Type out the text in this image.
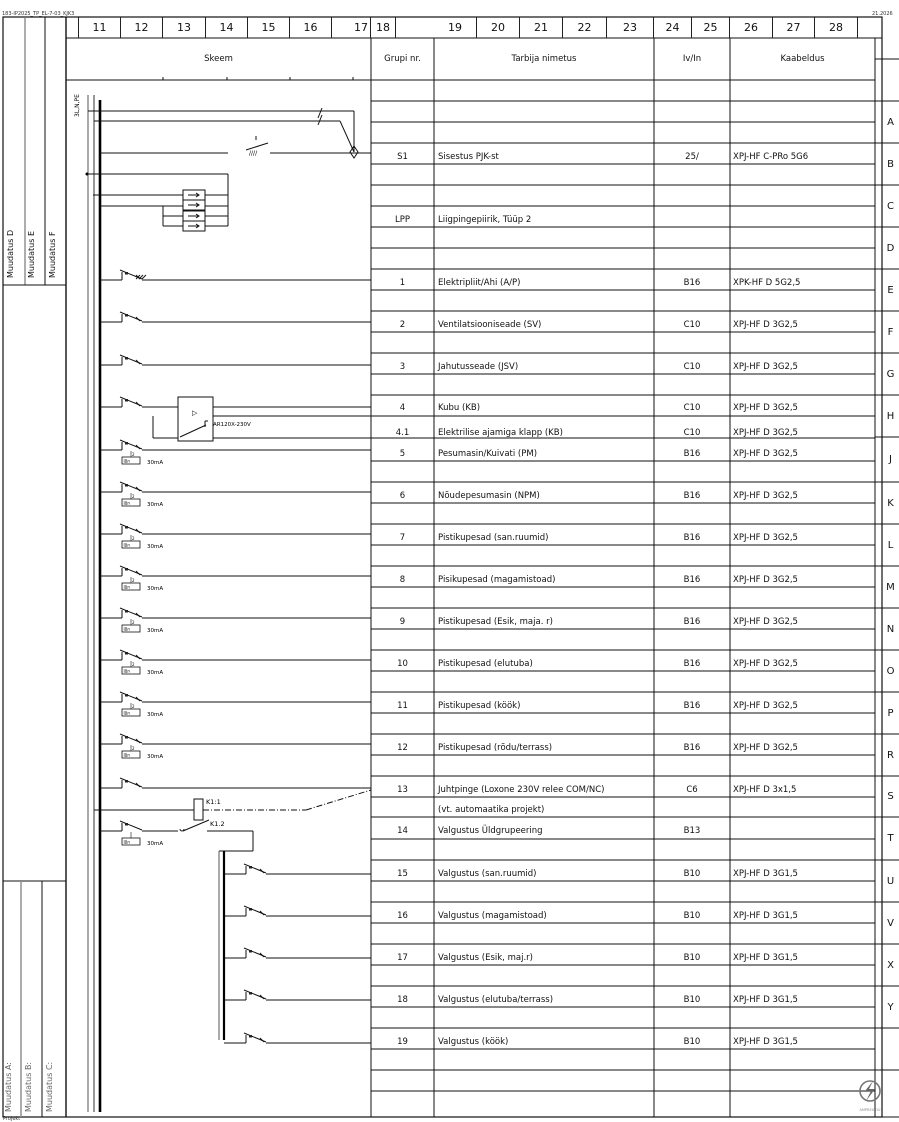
183-IP2025_TP_EL-7-03_KJK3	21.2026
3L,N,PE
////
IΔn	30mA
2
IΔn	30mA
2
IΔn	30mA
2
IΔn	30mA
2
IΔn	30mA
2
IΔn	30mA
2
IΔn	30mA
2
IΔn	30mA
2
IΔn	30mA
▷
AR120X-230V
K1:1
K1.2
11	12	13	14	15	16	17 18	19	20	21	22	23	24	25	26	27	28
Skeem	Grupi nr.	Tarbija nimetus	Iv/In	Kaabeldus
S1	Sisestus PJK-st	25/	XPJ-HF C-PRo 5G6
LPP	Liigpingepiirik, Tüüp 2
1	Elektripliit/Ahi (A/P)	B16	XPK-HF D 5G2,5
2	Ventilatsiooniseade (SV)	C10	XPJ-HF D 3G2,5
3	Jahutusseade (JSV)	C10	XPJ-HF D 3G2,5
4	Kubu (KB)	C10	XPJ-HF D 3G2,5
4.1	Elektrilise ajamiga klapp (KB)	C10	XPJ-HF D 3G2,5
5	Pesumasin/Kuivati (PM)	B16	XPJ-HF D 3G2,5
6	Nõudepesumasin (NPM)	B16	XPJ-HF D 3G2,5
7	Pistikupesad (san.ruumid)	B16	XPJ-HF D 3G2,5
8	Pisikupesad (magamistoad)	B16	XPJ-HF D 3G2,5
9	Pistikupesad (Esik, maja. r)	B16	XPJ-HF D 3G2,5
10	Pistikupesad (elutuba)	B16	XPJ-HF D 3G2,5
11	Pistikupesad (köök)	B16	XPJ-HF D 3G2,5
12	Pistikupesad (rõdu/terrass)	B16	XPJ-HF D 3G2,5
13	Juhtpinge (Loxone 230V relee COM/NC)	C6	XPJ-HF D 3x1,5
(vt. automaatika projekt)
14	Valgustus Üldgrupeering	B13
15	Valgustus (san.ruumid)	B10	XPJ-HF D 3G1,5
16	Valgustus (magamistoad)	B10	XPJ-HF D 3G1,5
17	Valgustus (Esik, maj.r)	B10	XPJ-HF D 3G1,5
18	Valgustus (elutuba/terrass)	B10	XPJ-HF D 3G1,5
19	Valgustus (köök)	B10	XPJ-HF D 3G1,5
A
B
C
D
E
F
G
H
J
K
L
M
N
O
P
R
S
T
U
V
X
Y
Muudatus D Muudatus E Muudatus F
Muudatus A: Muudatus B: Muudatus C:
Projekt
AMPREX OÜ
